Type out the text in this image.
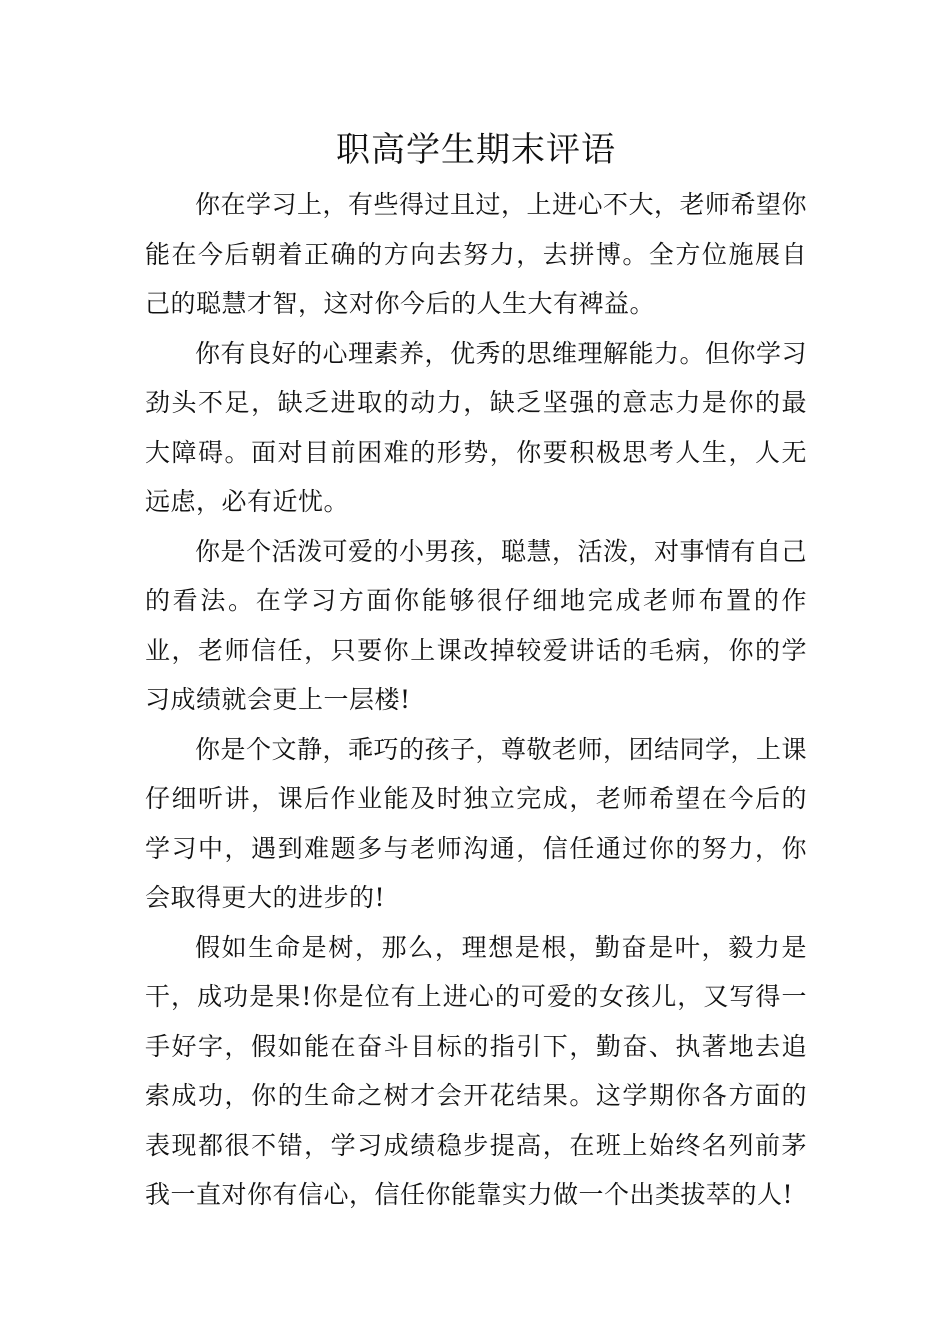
职高学生期末评语

你在学习上，有些得过且过，上进心不大，老师希望你能在今后朝着正确的方向去努力，去拼博。全方位施展自己的聪慧才智，这对你今后的人生大有裨益。

你有良好的心理素养，优秀的思维理解能力。但你学习劲头不足，缺乏进取的动力，缺乏坚强的意志力是你的最大障碍。面对目前困难的形势，你要积极思考人生，人无远虑，必有近忧。

你是个活泼可爱的小男孩，聪慧，活泼，对事情有自己的看法。在学习方面你能够很仔细地完成老师布置的作业，老师信任，只要你上课改掉较爱讲话的毛病，你的学习成绩就会更上一层楼!

你是个文静，乖巧的孩子，尊敬老师，团结同学，上课仔细听讲，课后作业能及时独立完成，老师希望在今后的学习中，遇到难题多与老师沟通，信任通过你的努力，你会取得更大的进步的!

假如生命是树，那么，理想是根，勤奋是叶，毅力是干，成功是果!你是位有上进心的可爱的女孩儿，又写得一手好字，假如能在奋斗目标的指引下，勤奋、执著地去追索成功，你的生命之树才会开花结果。这学期你各方面的表现都很不错，学习成绩稳步提高，在班上始终名列前茅我一直对你有信心，信任你能靠实力做一个出类拔萃的人!
